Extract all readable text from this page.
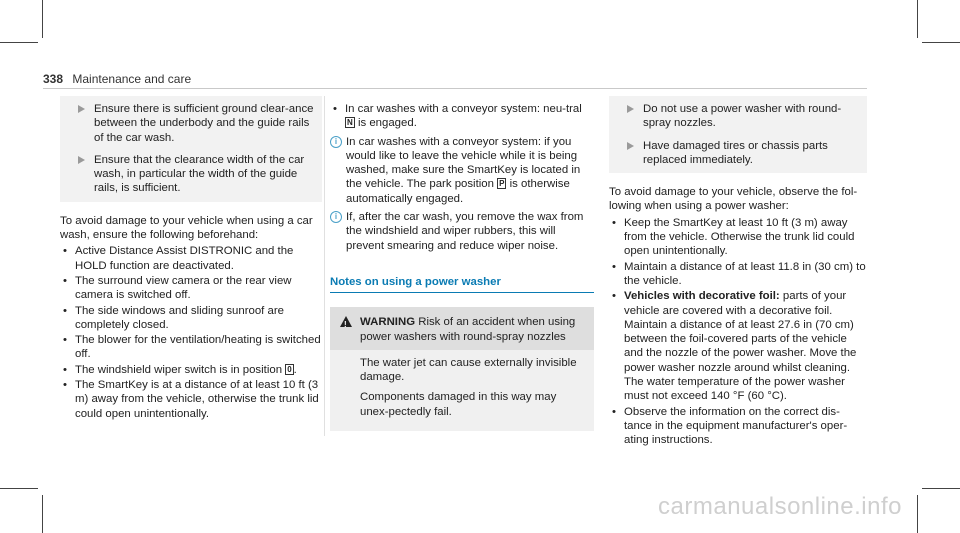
338 Maintenance and care
Ensure there is sufficient ground clear-ance between the underbody and the guide rails of the car wash.
Ensure that the clearance width of the car wash, in particular the width of the guide rails, is sufficient.

To avoid damage to your vehicle when using a car wash, ensure the following beforehand:

• Active Distance Assist DISTRONIC and the HOLD function are deactivated.
• The surround view camera or the rear view camera is switched off.
• The side windows and sliding sunroof are completely closed.
• The blower for the ventilation/heating is switched off.
• The windshield wiper switch is in position 0 .
• The SmartKey is at a distance of at least 10 ft (3 m) away from the vehicle, otherwise the trunk lid could open unintentionally.
• In car washes with a conveyor system: neu-tral N is engaged.
i In car washes with a conveyor system: if you would like to leave the vehicle while it is being washed, make sure the SmartKey is located in the vehicle. The park position P is otherwise automatically engaged.
i If, after the car wash, you remove the wax from the windshield and wiper rubbers, this will prevent smearing and reduce wiper noise.
Notes on using a power washer
! WARNING Risk of an accident when using power washers with round-spray nozzles

The water jet can cause externally invisible damage.

Components damaged in this way may unex-pectedly fail.

Do not use a power washer with round-spray nozzles.
Have damaged tires or chassis parts replaced immediately.

To avoid damage to your vehicle, observe the fol-lowing when using a power washer:

• Keep the SmartKey at least 10 ft (3 m) away from the vehicle. Otherwise the trunk lid could open unintentionally.
• Maintain a distance of at least 11.8 in (30 cm) to the vehicle.
• Vehicles with decorative foil: parts of your vehicle are covered with a decorative foil. Maintain a distance of at least 27.6 in (70 cm) between the foil-covered parts of the vehicle and the nozzle of the power washer. Move the power washer nozzle around whilst cleaning. The water temperature of the power washer must not exceed 140 °F (60 °C).
• Observe the information on the correct dis-tance in the equipment manufacturer's oper-ating instructions.
carmanualsonline.info
